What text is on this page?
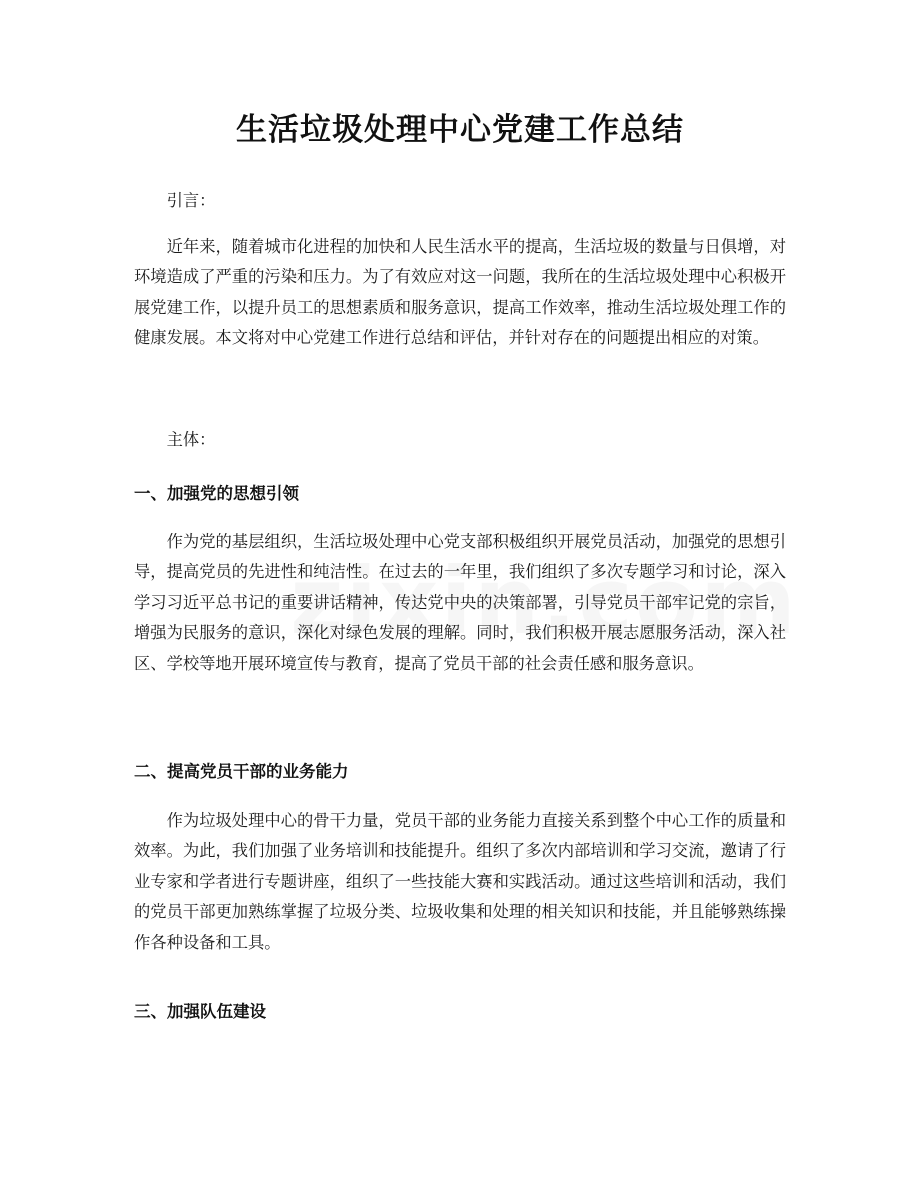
生活垃圾处理中心党建工作总结

引言：

近年来，随着城市化进程的加快和人民生活水平的提高，生活垃圾的数量与日俱增，对环境造成了严重的污染和压力。为了有效应对这一问题，我所在的生活垃圾处理中心积极开展党建工作，以提升员工的思想素质和服务意识，提高工作效率，推动生活垃圾处理工作的健康发展。本文将对中心党建工作进行总结和评估，并针对存在的问题提出相应的对策。

主体：

一、加强党的思想引领

作为党的基层组织，生活垃圾处理中心党支部积极组织开展党员活动，加强党的思想引导，提高党员的先进性和纯洁性。在过去的一年里，我们组织了多次专题学习和讨论，深入学习习近平总书记的重要讲话精神，传达党中央的决策部署，引导党员干部牢记党的宗旨，增强为民服务的意识，深化对绿色发展的理解。同时，我们积极开展志愿服务活动，深入社区、学校等地开展环境宣传与教育，提高了党员干部的社会责任感和服务意识。

二、提高党员干部的业务能力

作为垃圾处理中心的骨干力量，党员干部的业务能力直接关系到整个中心工作的质量和效率。为此，我们加强了业务培训和技能提升。组织了多次内部培训和学习交流，邀请了行业专家和学者进行专题讲座，组织了一些技能大赛和实践活动。通过这些培训和活动，我们的党员干部更加熟练掌握了垃圾分类、垃圾收集和处理的相关知识和技能，并且能够熟练操作各种设备和工具。

三、加强队伍建设
